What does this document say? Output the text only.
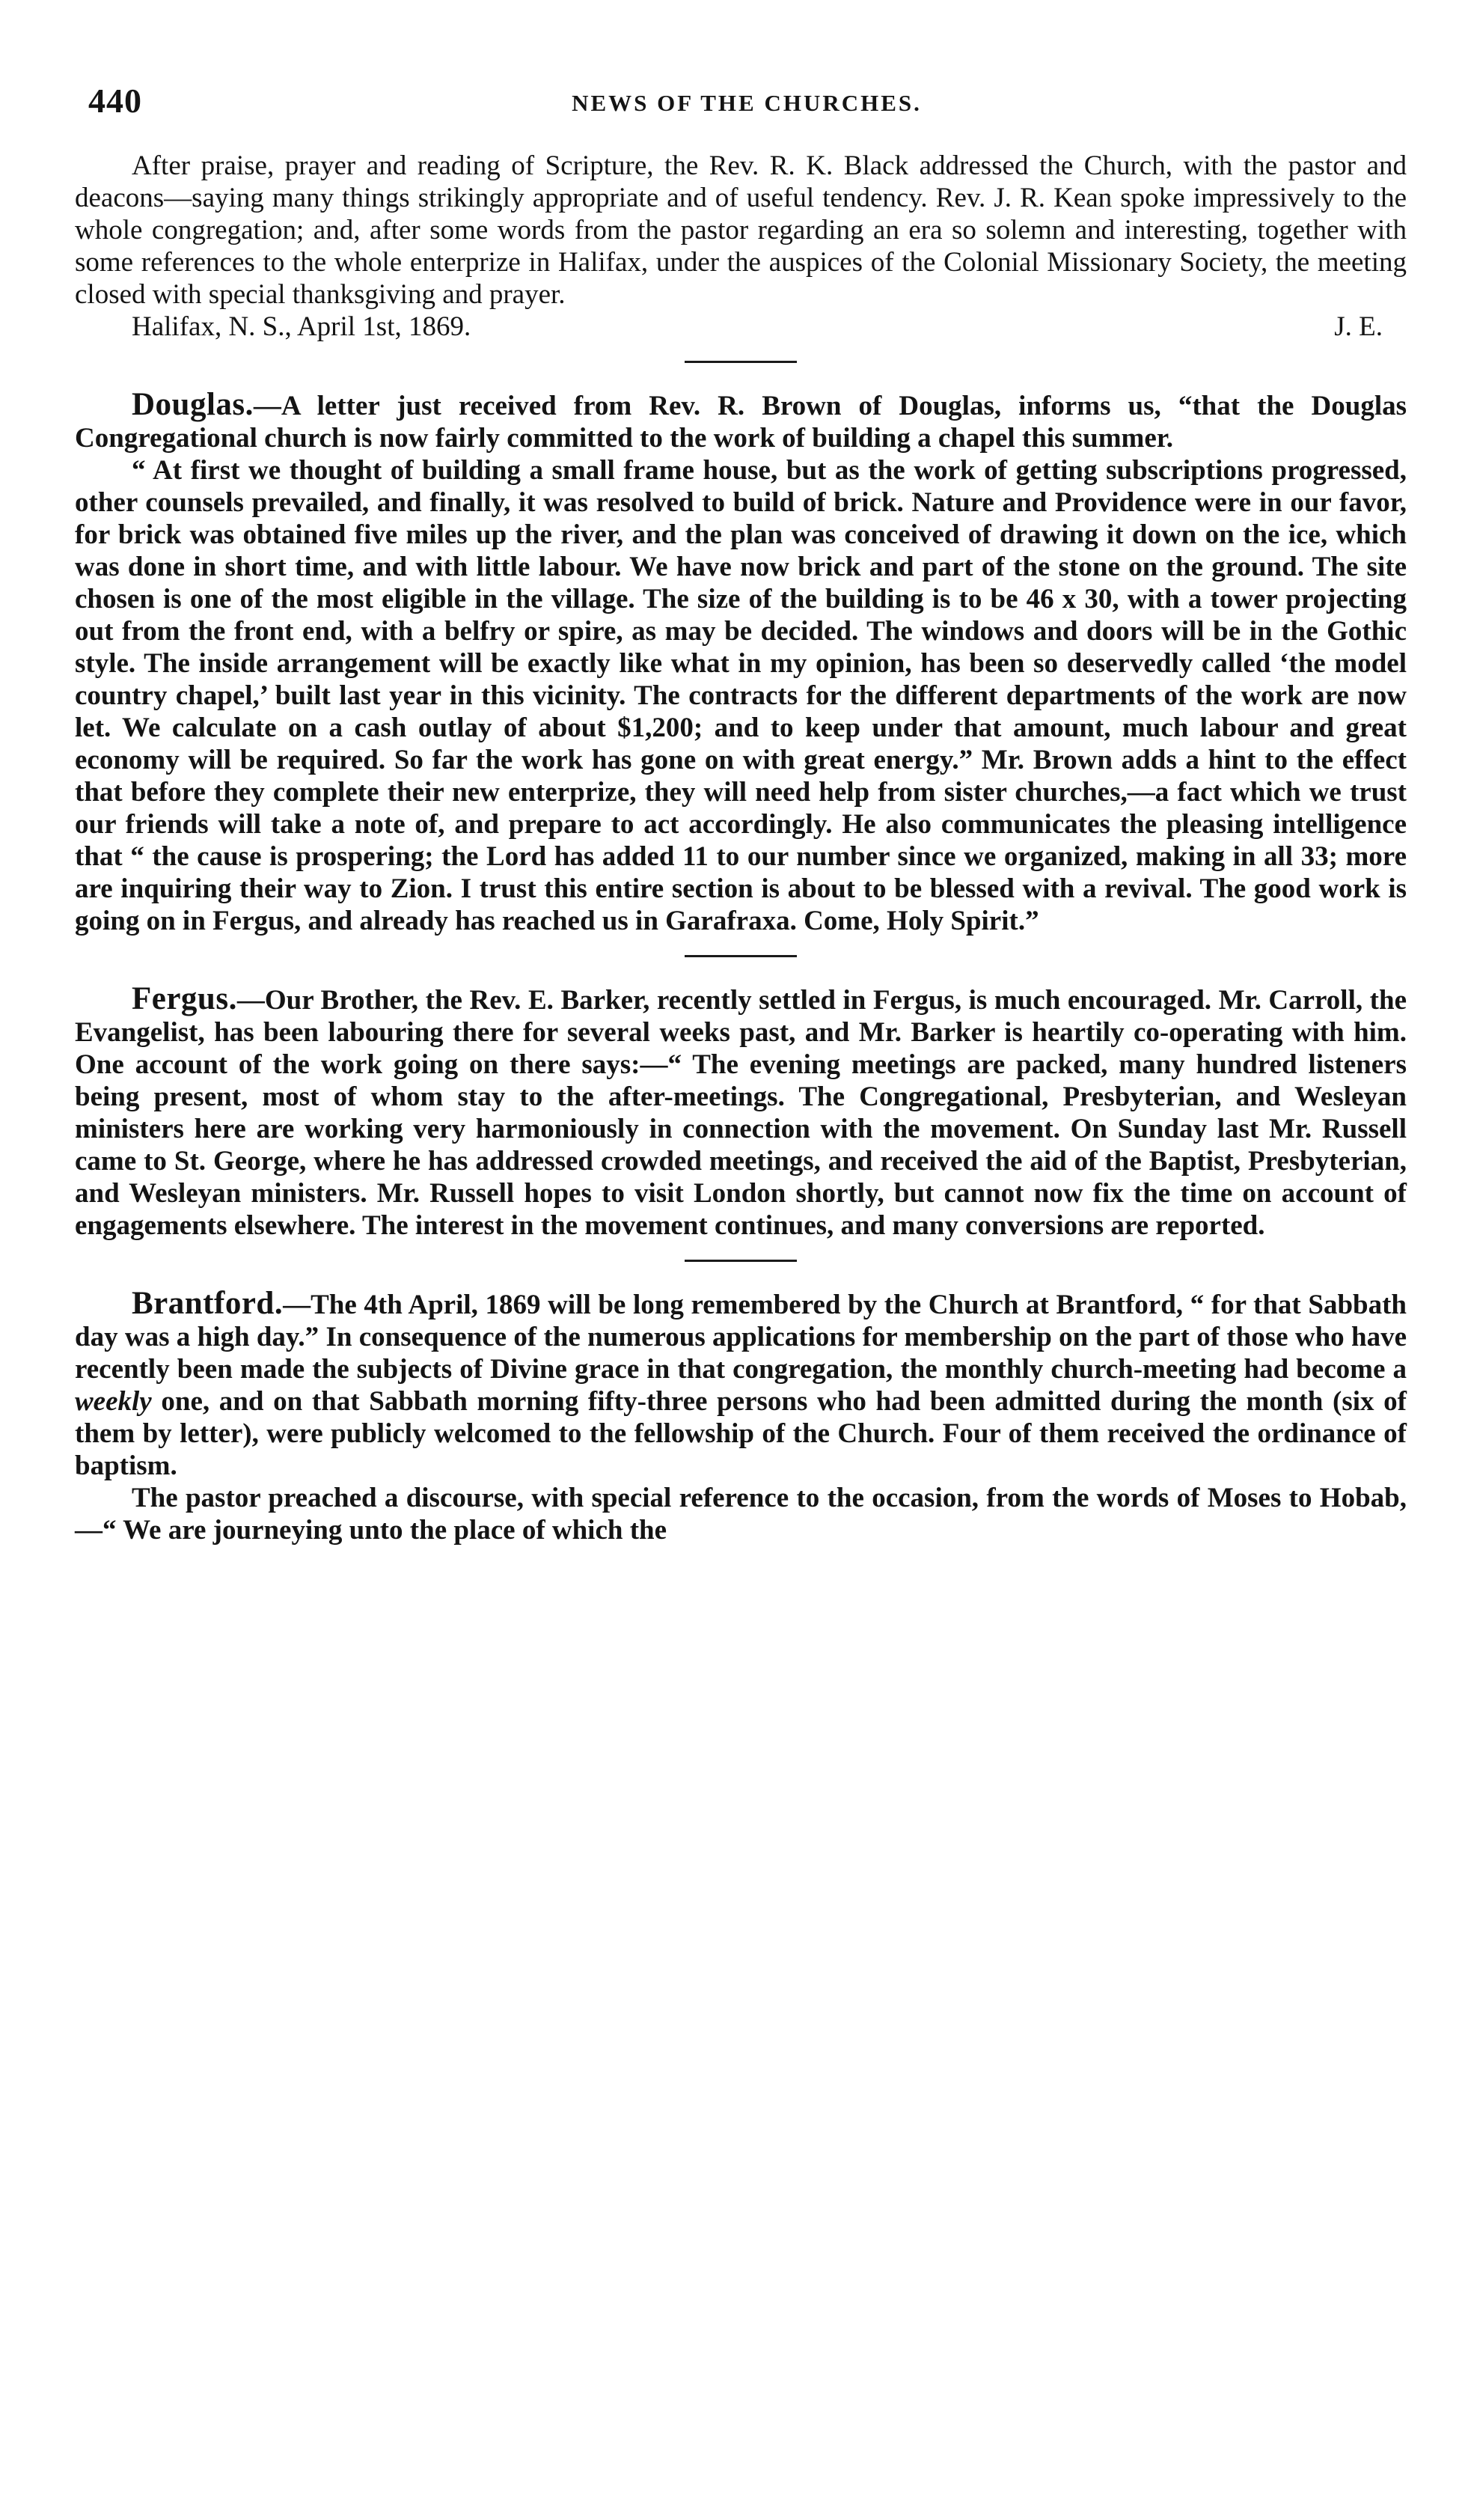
440	NEWS OF THE CHURCHES.

After praise, prayer and reading of Scripture, the Rev. R. K. Black addressed the Church, with the pastor and deacons—saying many things strikingly appropriate and of useful tendency. Rev. J. R. Kean spoke impressively to the whole congregation; and, after some words from the pastor regarding an era so solemn and interesting, together with some references to the whole enterprize in Halifax, under the auspices of the Colonial Missionary Society, the meeting closed with special thanksgiving and prayer.

Halifax, N. S., April 1st, 1869.	J. E.

Douglas.—A letter just received from Rev. R. Brown of Douglas, informs us, “that the Douglas Congregational church is now fairly committed to the work of building a chapel this summer.

“ At first we thought of building a small frame house, but as the work of getting subscriptions progressed, other counsels prevailed, and finally, it was resolved to build of brick. Nature and Providence were in our favor, for brick was obtained five miles up the river, and the plan was conceived of drawing it down on the ice, which was done in short time, and with little labour. We have now brick and part of the stone on the ground. The site chosen is one of the most eligible in the village. The size of the building is to be 46 x 30, with a tower projecting out from the front end, with a belfry or spire, as may be decided. The windows and doors will be in the Gothic style. The inside arrangement will be exactly like what in my opinion, has been so deservedly called ‘the model country chapel,’ built last year in this vicinity. The contracts for the different departments of the work are now let. We calculate on a cash outlay of about $1,200; and to keep under that amount, much labour and great economy will be required. So far the work has gone on with great energy.” Mr. Brown adds a hint to the effect that before they complete their new enterprize, they will need help from sister churches,—a fact which we trust our friends will take a note of, and prepare to act accordingly. He also communicates the pleasing intelligence that “ the cause is prospering; the Lord has added 11 to our number since we organized, making in all 33; more are inquiring their way to Zion. I trust this entire section is about to be blessed with a revival. The good work is going on in Fergus, and already has reached us in Garafraxa. Come, Holy Spirit.”

Fergus.—Our Brother, the Rev. E. Barker, recently settled in Fergus, is much encouraged. Mr. Carroll, the Evangelist, has been labouring there for several weeks past, and Mr. Barker is heartily co-operating with him. One account of the work going on there says:—“ The evening meetings are packed, many hundred listeners being present, most of whom stay to the after-meetings. The Congregational, Presbyterian, and Wesleyan ministers here are working very harmoniously in connection with the movement. On Sunday last Mr. Russell came to St. George, where he has addressed crowded meetings, and received the aid of the Baptist, Presbyterian, and Wesleyan ministers. Mr. Russell hopes to visit London shortly, but cannot now fix the time on account of engagements elsewhere. The interest in the movement continues, and many conversions are reported.

Brantford.—The 4th April, 1869 will be long remembered by the Church at Brantford, “ for that Sabbath day was a high day.” In consequence of the numerous applications for membership on the part of those who have recently been made the subjects of Divine grace in that congregation, the monthly church-meeting had become a weekly one, and on that Sabbath morning fifty-three persons who had been admitted during the month (six of them by letter), were publicly welcomed to the fellowship of the Church. Four of them received the ordinance of baptism.

The pastor preached a discourse, with special reference to the occasion, from the words of Moses to Hobab,—“ We are journeying unto the place of which the
